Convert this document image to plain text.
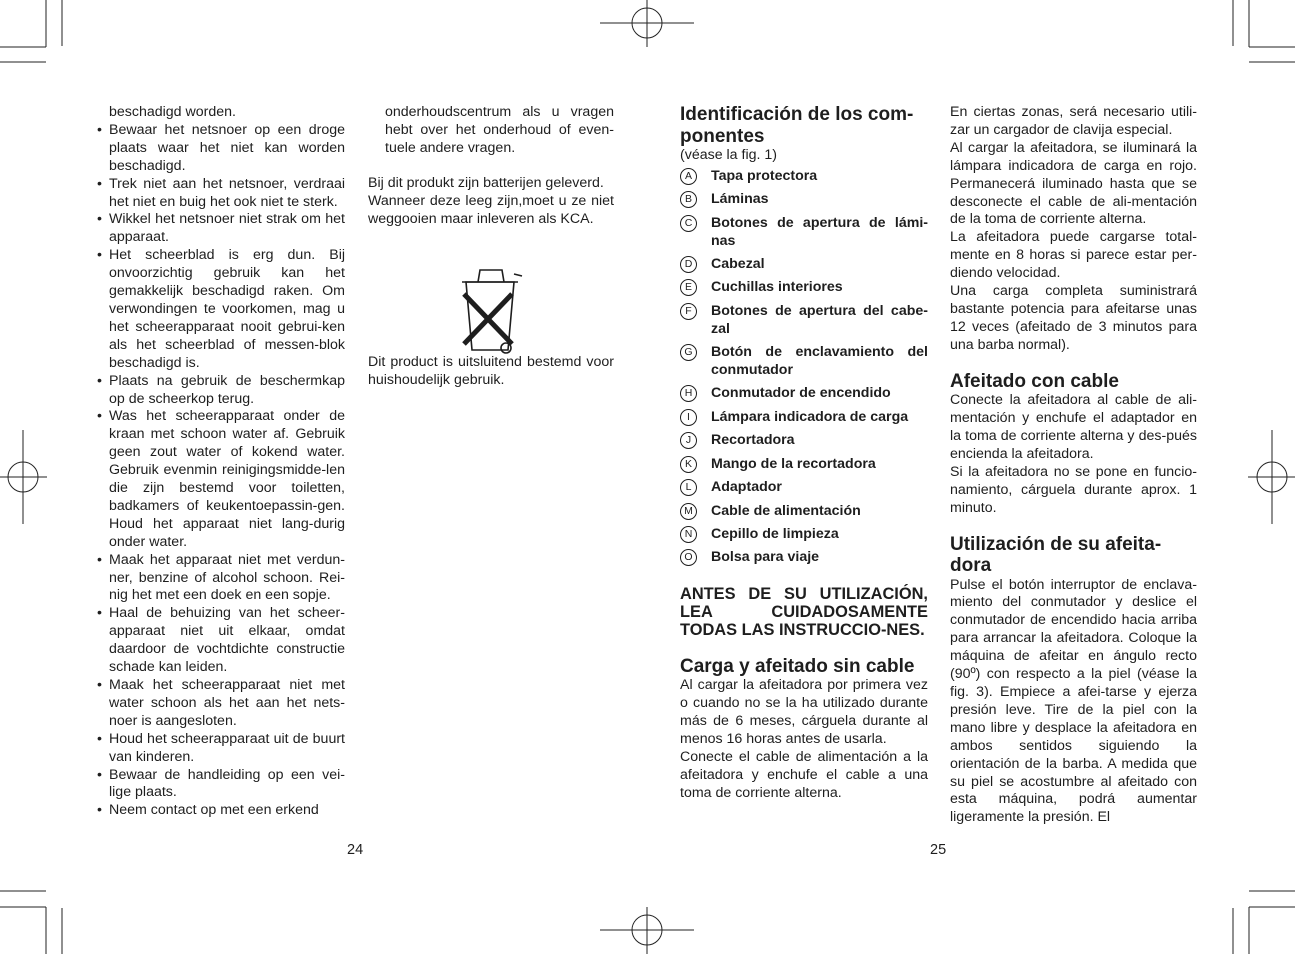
beschadigd worden.

• Bewaar het netsnoer op een droge plaats waar het niet kan worden beschadigd.
• Trek niet aan het netsnoer, verdraai het niet en buig het ook niet te sterk.
• Wikkel het netsnoer niet strak om het apparaat.
• Het scheerblad is erg dun. Bij onvoorzichtig gebruik kan het gemakkelijk beschadigd raken. Om verwondingen te voorkomen, mag u het scheerapparaat nooit gebrui-ken als het scheerblad of messen-blok beschadigd is.
• Plaats na gebruik de beschermkap op de scheerkop terug.
• Was het scheerapparaat onder de kraan met schoon water af. Gebruik geen zout water of kokend water. Gebruik evenmin reinigingsmidde-len die zijn bestemd voor toiletten, badkamers of keukentoepassin-gen. Houd het apparaat niet lang-durig onder water.
• Maak het apparaat niet met verdun-ner, benzine of alcohol schoon. Rei-nig het met een doek en een sopje.
• Haal de behuizing van het scheer-apparaat niet uit elkaar, omdat daardoor de vochtdichte constructie schade kan leiden.
• Maak het scheerapparaat niet met water schoon als het aan het nets-noer is aangesloten.
• Houd het scheerapparaat uit de buurt van kinderen.
• Bewaar de handleiding op een vei-lige plaats.
• Neem contact op met een erkend

onderhoudscentrum als u vragen hebt over het onderhoud of even-tuele andere vragen.

Bij dit produkt zijn batterijen geleverd.

Wanneer deze leeg zijn,moet u ze niet weggooien maar inleveren als KCA.

Dit product is uitsluitend bestemd voor huishoudelijk gebruik.

Identificación de los com-ponentes

(véase la fig. 1)

A	Tapa protectora
B	Láminas
C	Botones de apertura de lámi-nas
D	Cabezal
E	Cuchillas interiores
F	Botones de apertura del cabe-zal
G	Botón de enclavamiento del conmutador
H	Conmutador de encendido
I	Lámpara indicadora de carga
J	Recortadora
K	Mango de la recortadora
L	Adaptador
M Cable de alimentación
N	Cepillo de limpieza
O	Bolsa para viaje

ANTES DE SU UTILIZACIÓN, LEA CUIDADOSAMENTE TODAS LAS INSTRUCCIO-NES.

Carga y afeitado sin cable

Al cargar la afeitadora por primera vez o cuando no se la ha utilizado durante más de 6 meses, cárguela durante al menos 16 horas antes de usarla.

Conecte el cable de alimentación a la afeitadora y enchufe el cable a una toma de corriente alterna.

En ciertas zonas, será necesario utili-zar un cargador de clavija especial.

Al cargar la afeitadora, se iluminará la lámpara indicadora de carga en rojo. Permanecerá iluminado hasta que se desconecte el cable de ali-mentación de la toma de corriente alterna.

La afeitadora puede cargarse total-mente en 8 horas si parece estar per-diendo velocidad.

Una carga completa suministrará bastante potencia para afeitarse unas 12 veces (afeitado de 3 minutos para una barba normal).

Afeitado con cable

Conecte la afeitadora al cable de ali-mentación y enchufe el adaptador en la toma de corriente alterna y des-pués encienda la afeitadora.

Si la afeitadora no se pone en funcio-namiento, cárguela durante aprox. 1 minuto.

Utilización de su afeita-dora

Pulse el botón interruptor de enclava-miento del conmutador y deslice el conmutador de encendido hacia arriba para arrancar la afeitadora. Coloque la máquina de afeitar en ángulo recto (90º) con respecto a la piel (véase la fig. 3). Empiece a afei-tarse y ejerza presión leve. Tire de la piel con la mano libre y desplace la afeitadora en ambos sentidos siguiendo la orientación de la barba. A medida que su piel se acostumbre al afeitado con esta máquina, podrá aumentar ligeramente la presión. El

24	25
